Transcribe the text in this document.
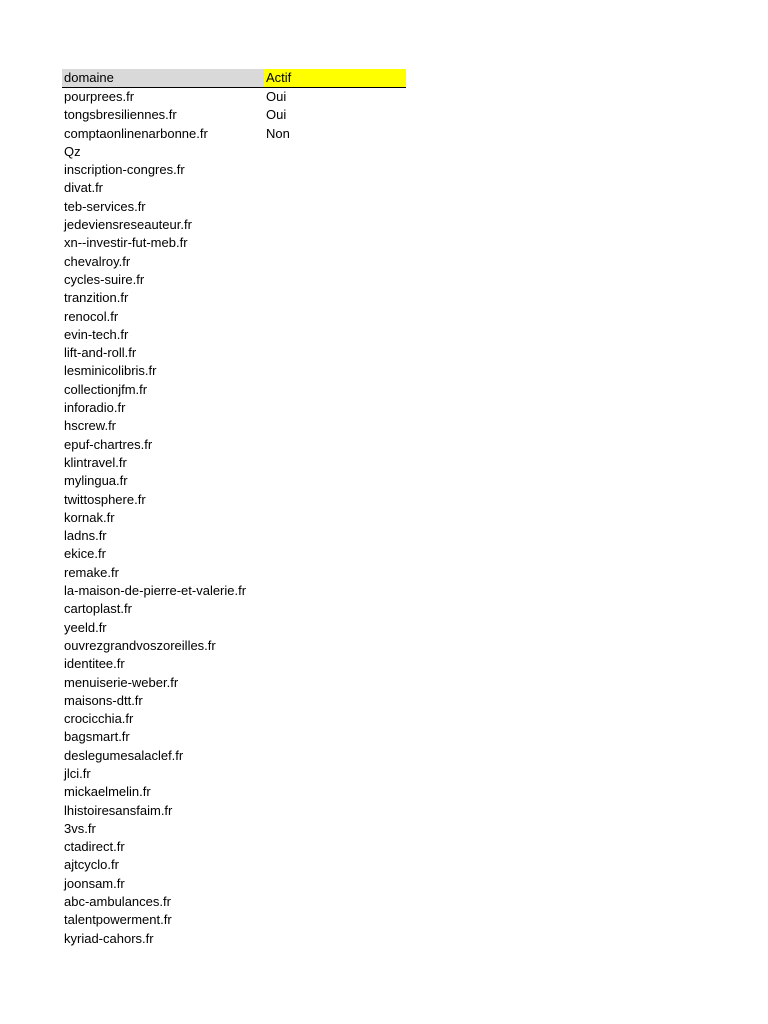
domaine	Actif
pourprees.fr	Oui
tongsbresiliennes.fr	Oui
comptaonlinenarbonne.fr	Non
Qz
inscription-congres.fr
divat.fr
teb-services.fr
jedeviensreseauteur.fr
xn--investir-fut-meb.fr
chevalroy.fr
cycles-suire.fr
tranzition.fr
renocol.fr
evin-tech.fr
lift-and-roll.fr
lesminicolibris.fr
collectionjfm.fr
inforadio.fr
hscrew.fr
epuf-chartres.fr
klintravel.fr
mylingua.fr
twittosphere.fr
kornak.fr
ladns.fr
ekice.fr
remake.fr
la-maison-de-pierre-et-valerie.fr
cartoplast.fr
yeeld.fr
ouvrezgrandvoszoreilles.fr
identitee.fr
menuiserie-weber.fr
maisons-dtt.fr
crocicchia.fr
bagsmart.fr
deslegumesalaclef.fr
jlci.fr
mickaelmelin.fr
lhistoiresansfaim.fr
3vs.fr
ctadirect.fr
ajtcyclo.fr
joonsam.fr
abc-ambulances.fr
talentpowerment.fr
kyriad-cahors.fr
